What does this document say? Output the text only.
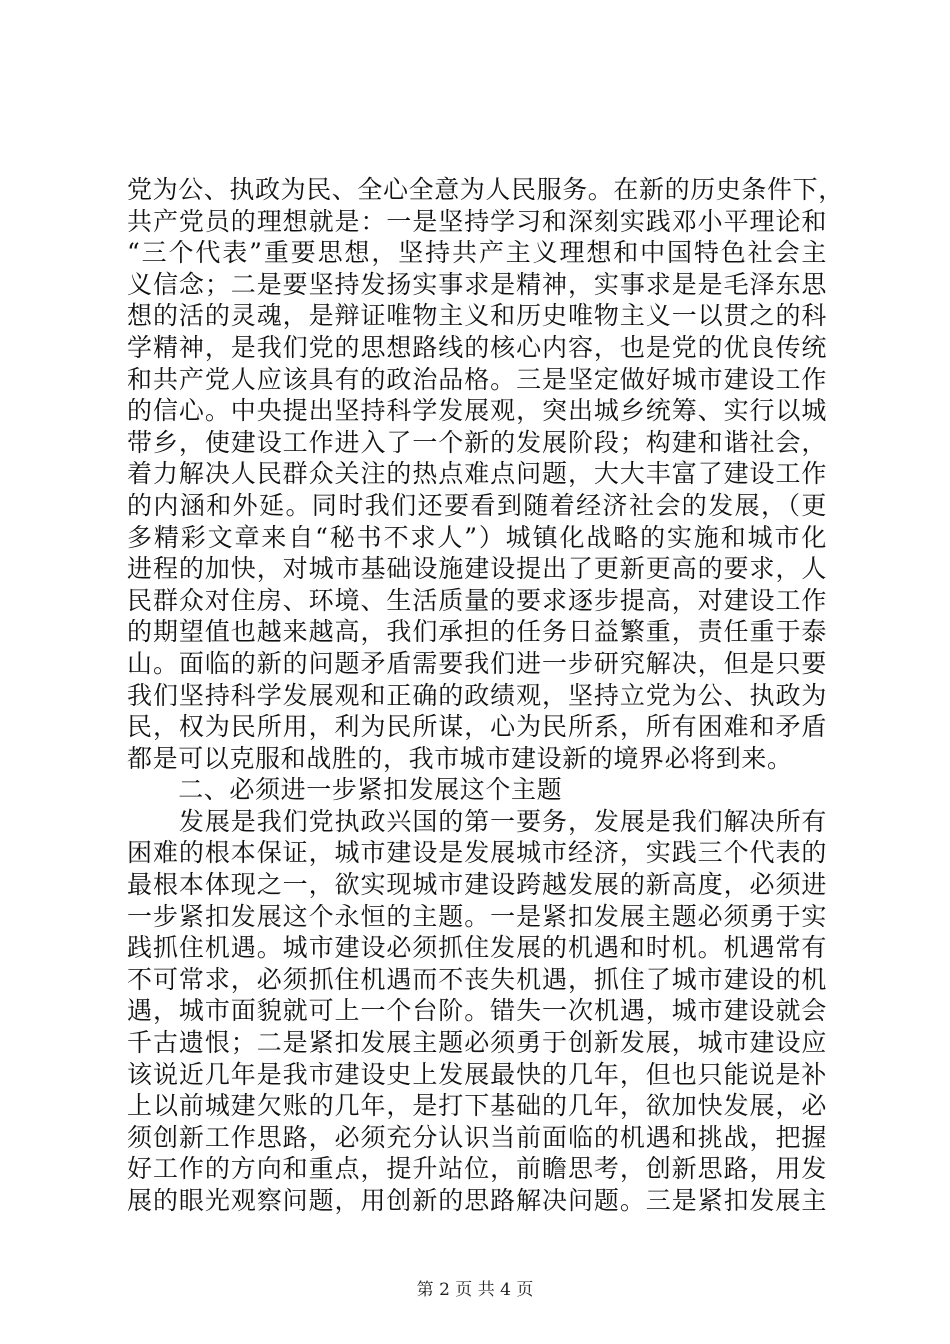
党为公、执政为民、全心全意为人民服务。在新的历史条件下，
共产党员的理想就是：一是坚持学习和深刻实践邓小平理论和
“三个代表”重要思想，坚持共产主义理想和中国特色社会主
义信念；二是要坚持发扬实事求是精神，实事求是是毛泽东思
想的活的灵魂，是辩证唯物主义和历史唯物主义一以贯之的科
学精神，是我们党的思想路线的核心内容，也是党的优良传统
和共产党人应该具有的政治品格。三是坚定做好城市建设工作
的信心。中央提出坚持科学发展观，突出城乡统筹、实行以城
带乡，使建设工作进入了一个新的发展阶段；构建和谐社会，
着力解决人民群众关注的热点难点问题，大大丰富了建设工作
的内涵和外延。同时我们还要看到随着经济社会的发展，（更
多精彩文章来自“秘书不求人”）城镇化战略的实施和城市化
进程的加快，对城市基础设施建设提出了更新更高的要求，人
民群众对住房、环境、生活质量的要求逐步提高，对建设工作
的期望值也越来越高，我们承担的任务日益繁重，责任重于泰
山。面临的新的问题矛盾需要我们进一步研究解决，但是只要
我们坚持科学发展观和正确的政绩观，坚持立党为公、执政为
民，权为民所用，利为民所谋，心为民所系，所有困难和矛盾
都是可以克服和战胜的，我市城市建设新的境界必将到来。
　　二、必须进一步紧扣发展这个主题
　　发展是我们党执政兴国的第一要务，发展是我们解决所有
困难的根本保证，城市建设是发展城市经济，实践三个代表的
最根本体现之一，欲实现城市建设跨越发展的新高度，必须进
一步紧扣发展这个永恒的主题。一是紧扣发展主题必须勇于实
践抓住机遇。城市建设必须抓住发展的机遇和时机。机遇常有
不可常求，必须抓住机遇而不丧失机遇，抓住了城市建设的机
遇，城市面貌就可上一个台阶。错失一次机遇，城市建设就会
千古遗恨；二是紧扣发展主题必须勇于创新发展，城市建设应
该说近几年是我市建设史上发展最快的几年，但也只能说是补
上以前城建欠账的几年，是打下基础的几年，欲加快发展，必
须创新工作思路，必须充分认识当前面临的机遇和挑战，把握
好工作的方向和重点，提升站位，前瞻思考，创新思路，用发
展的眼光观察问题，用创新的思路解决问题。三是紧扣发展主
第 2 页 共 4 页
